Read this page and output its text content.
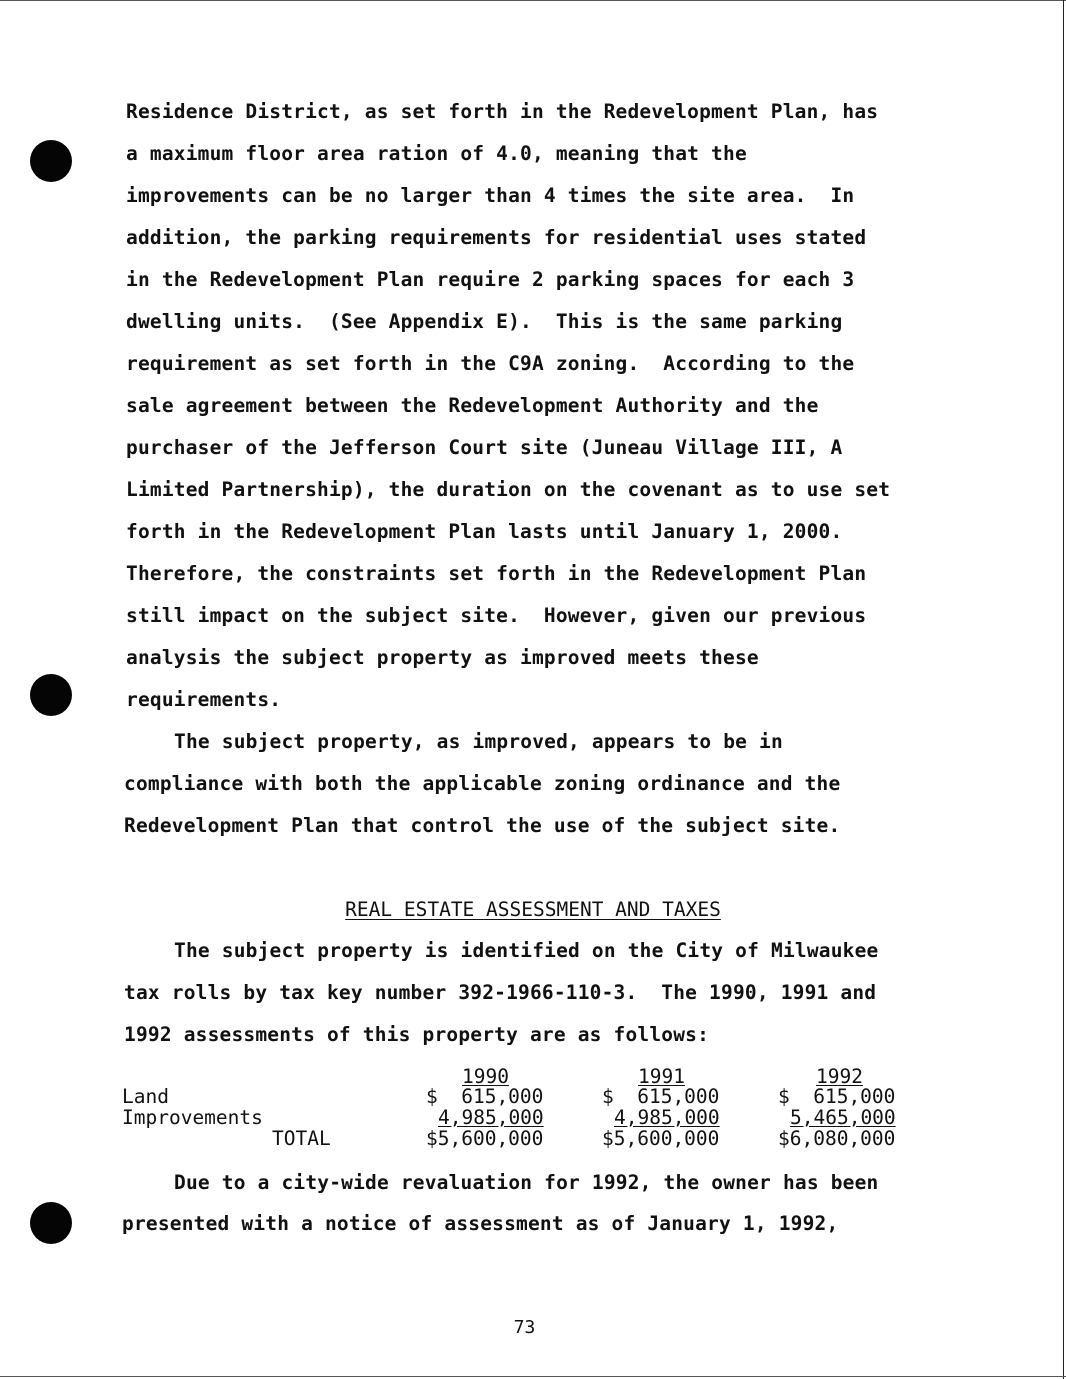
Residence District, as set forth in the Redevelopment Plan, has
a maximum floor area ration of 4.0, meaning that the
improvements can be no larger than 4 times the site area.  In
addition, the parking requirements for residential uses stated
in the Redevelopment Plan require 2 parking spaces for each 3
dwelling units.  (See Appendix E).  This is the same parking
requirement as set forth in the C9A zoning.  According to the
sale agreement between the Redevelopment Authority and the
purchaser of the Jefferson Court site (Juneau Village III, A
Limited Partnership), the duration on the covenant as to use set
forth in the Redevelopment Plan lasts until January 1, 2000.
Therefore, the constraints set forth in the Redevelopment Plan
still impact on the subject site.  However, given our previous
analysis the subject property as improved meets these
requirements.
The subject property, as improved, appears to be in
compliance with both the applicable zoning ordinance and the
Redevelopment Plan that control the use of the subject site.
REAL ESTATE ASSESSMENT AND TAXES
The subject property is identified on the City of Milwaukee
tax rolls by tax key number 392-1966-110-3.  The 1990, 1991 and
1992 assessments of this property are as follows:
1990	1991	1992
Land	$  615,000	$  615,000	$  615,000
Improvements	4,985,000	4,985,000	5,465,000
TOTAL	$5,600,000	$5,600,000	$6,080,000
Due to a city-wide revaluation for 1992, the owner has been
presented with a notice of assessment as of January 1, 1992,
73
